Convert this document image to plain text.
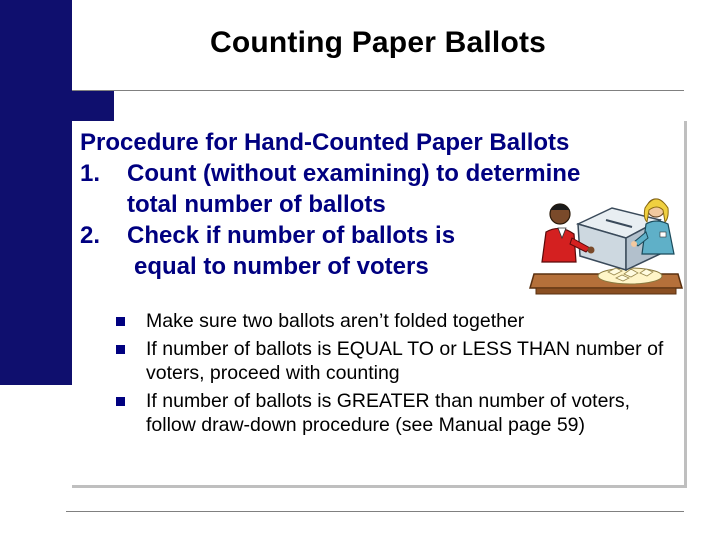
Counting Paper Ballots
Procedure for Hand-Counted Paper Ballots
1. Count (without examining) to determine
total number of ballots
2. Check if number of ballots is
equal to number of voters
Make sure two ballots aren’t folded together
If number of ballots is EQUAL TO or LESS THAN number of voters, proceed with counting
If number of ballots is GREATER than number of voters, follow draw-down procedure (see Manual page 59)
